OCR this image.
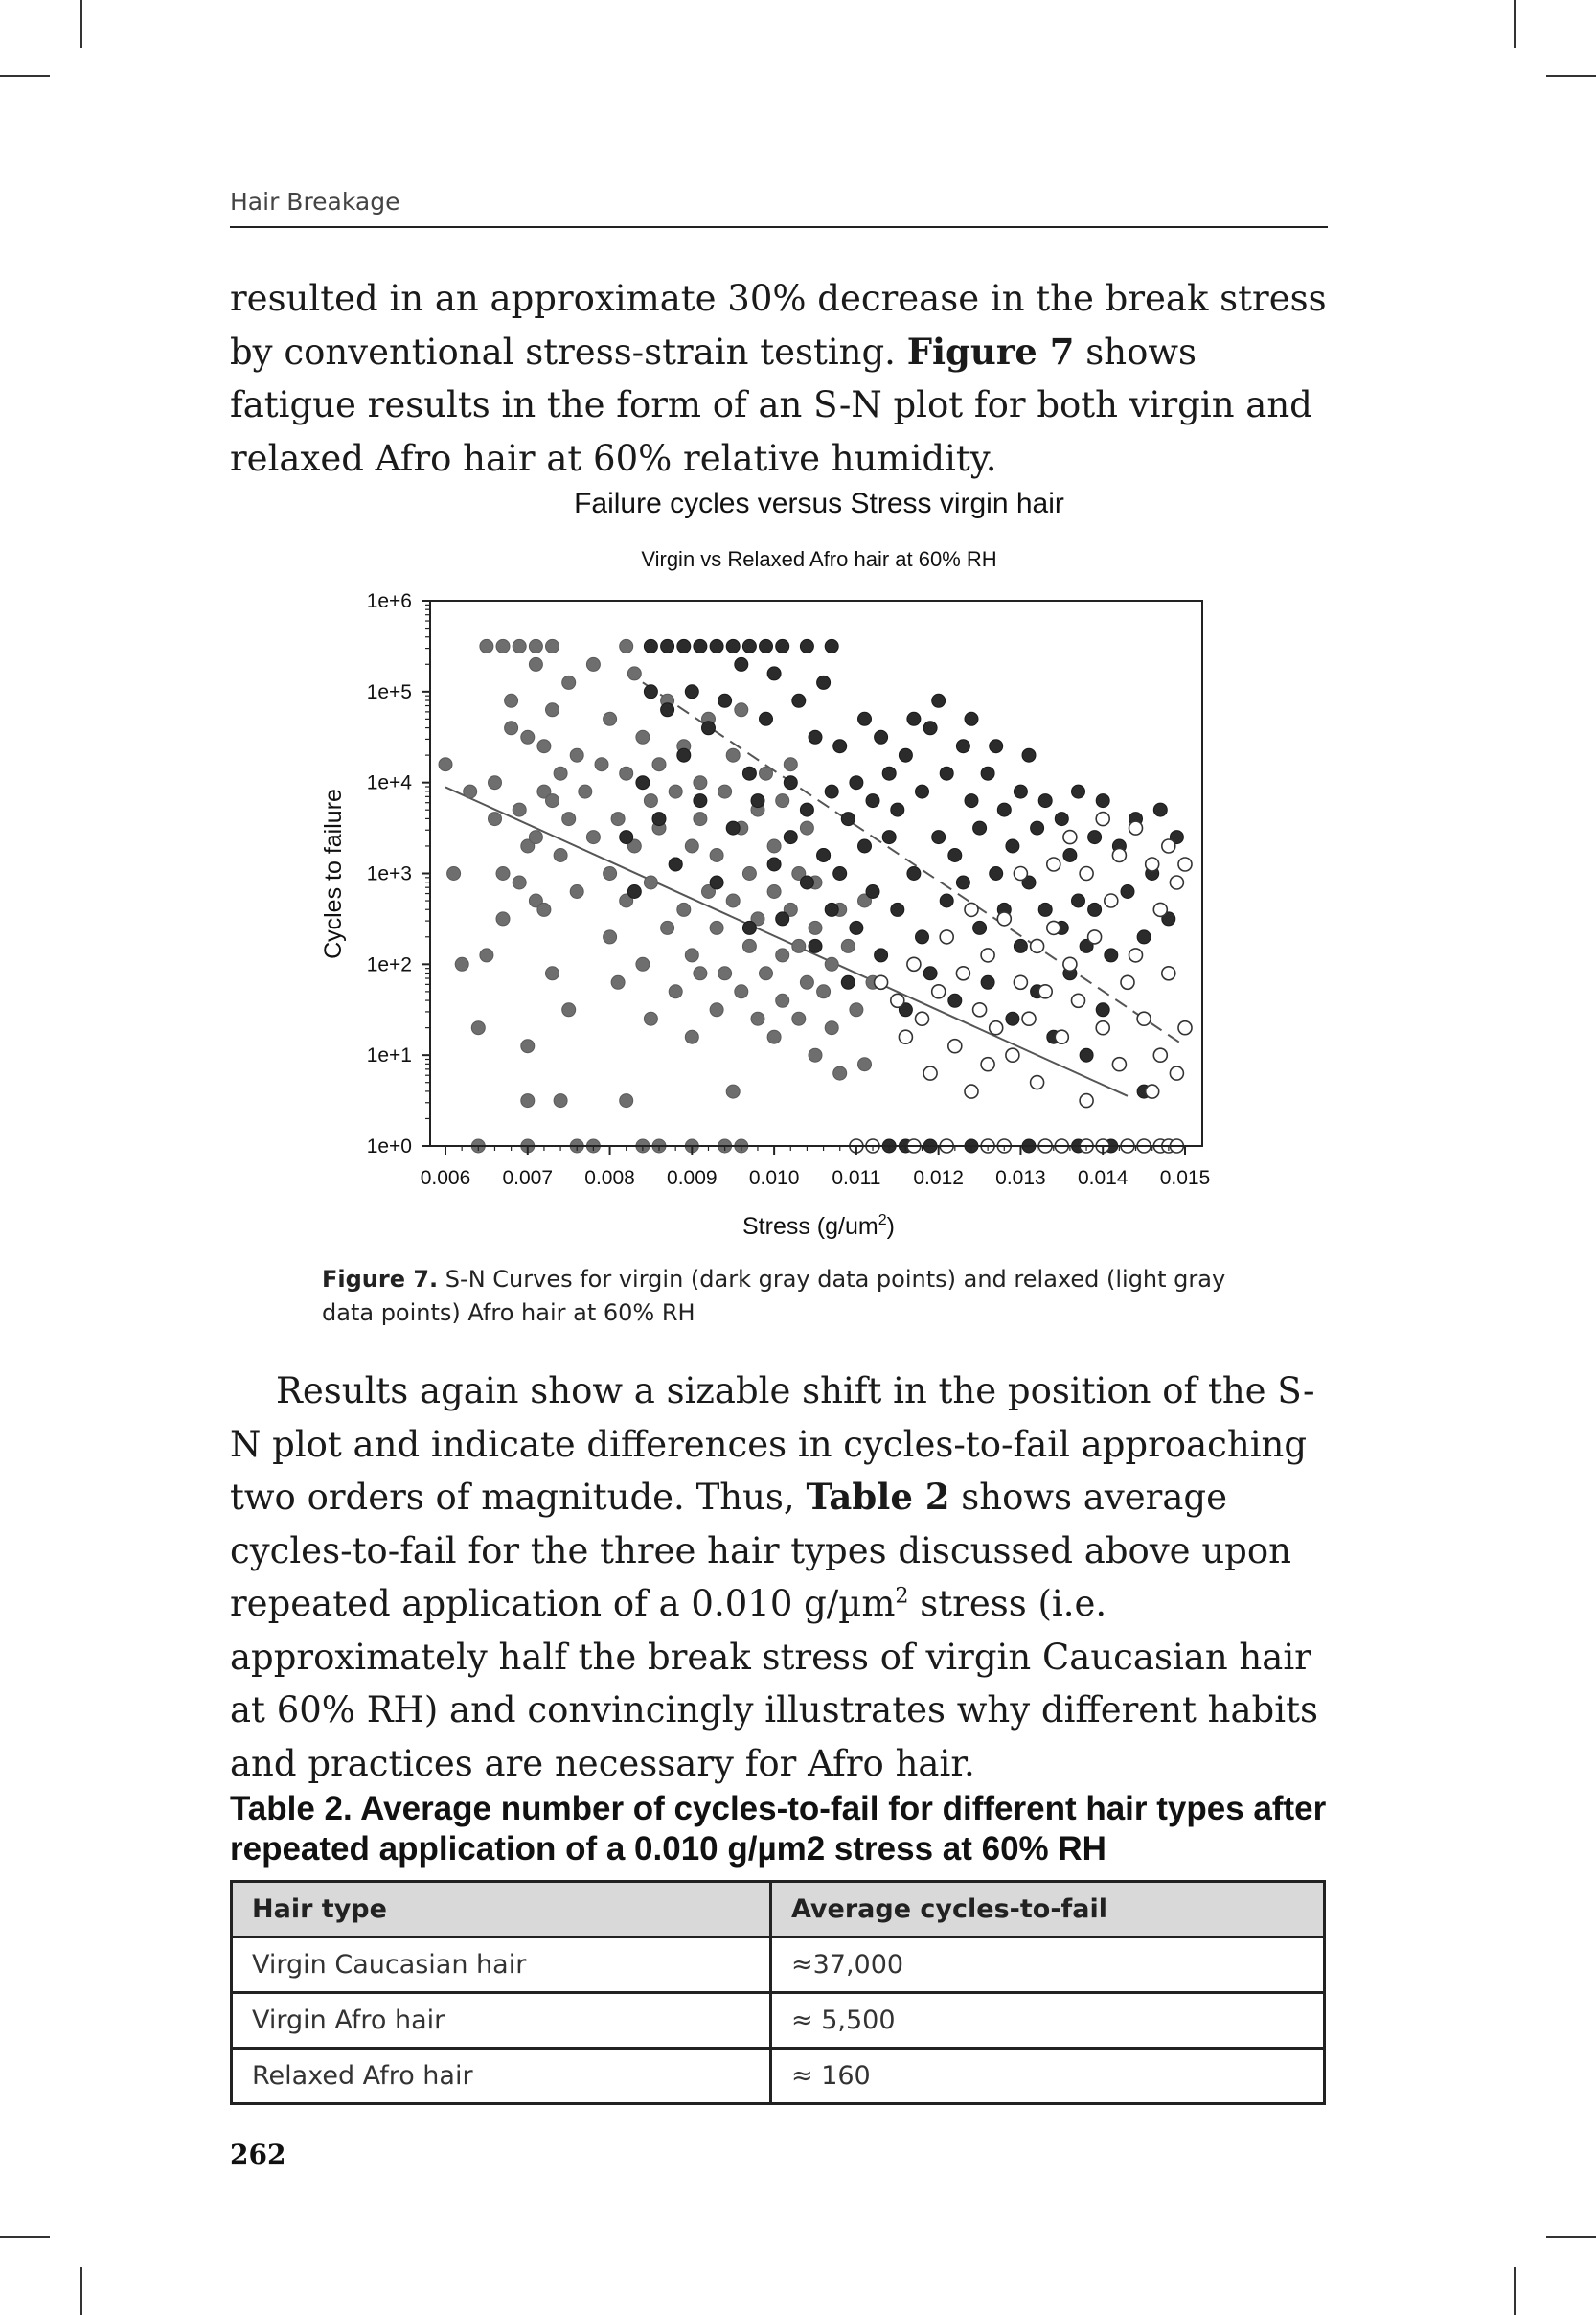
Hair Breakage

resulted in an approximate 30% decrease in the break stress by conventional stress-strain testing. Figure 7 shows fatigue results in the form of an S-N plot for both virgin and relaxed Afro hair at 60% relative humidity.

Failure cycles versus Stress virgin hair
Virgin vs Relaxed Afro hair at 60% RH
0.006 0.007 0.008 0.009 0.010 0.011 0.012 0.013 0.014 0.015
1e+0
1e+1
1e+2
1e+3
1e+4
1e+5
1e+6
Stress $(g/um^2)$
Cycles to failure
Figure 7. S-N Curves for virgin (dark gray data points) and relaxed (light gray data points) Afro hair at 60% RH

Results again show a sizable shift in the position of the S-N plot and indicate differences in cycles-to-fail approaching two orders of magnitude. Thus, Table 2 shows average cycles-to-fail for the three hair types discussed above upon repeated application of a 0.010 g/µm$^2$ stress (i.e. approximately half the break stress of virgin Caucasian hair at 60% RH) and convincingly illustrates why different habits and practices are necessary for Afro hair.

Table 2. Average number of cycles-to-fail for different hair types after repeated application of a 0.010 g/µm2 stress at 60% RH
Hair type	Average cycles-to-fail
Virgin Caucasian hair	≈37,000
Virgin Afro hair	≈ 5,500
Relaxed Afro hair	≈ 160
262
